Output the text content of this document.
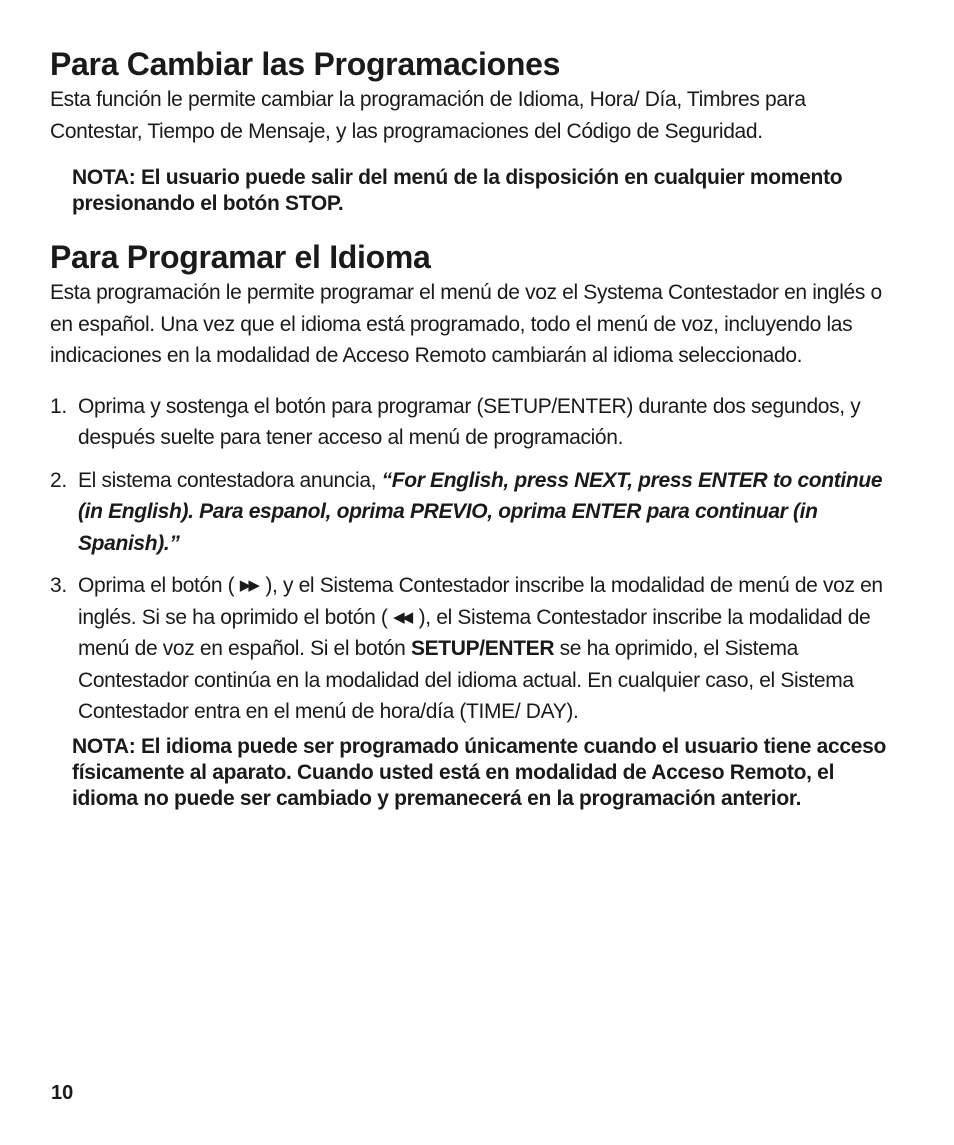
Para Cambiar las Programaciones

Esta función le permite cambiar la programación de Idioma, Hora/ Día, Timbres para Contestar, Tiempo de Mensaje, y las programaciones del Código de Seguridad.

NOTA: El usuario puede salir del menú de la disposición en cualquier momento presionando el botón STOP.

Para Programar el Idioma

Esta programación le permite programar el menú de voz el Systema Contestador en inglés o en español. Una vez que el idioma está programado, todo el menú de voz, incluyendo las indicaciones en la modalidad de Acceso Remoto cambiarán al idioma seleccionado.

1. Oprima y sostenga el botón para programar (SETUP/ENTER) durante dos segundos, y después suelte para tener acceso al menú de programación.
2. El sistema contestadora anuncia, “For English, press NEXT, press ENTER to continue (in English). Para espanol, oprima PREVIO, oprima ENTER para continuar (in Spanish).”
3. Oprima el botón ( ▶▶ ), y el Sistema Contestador inscribe la modalidad de menú de voz en inglés. Si se ha oprimido el botón ( ◀◀ ), el Sistema Contestador inscribe la modalidad de menú de voz en español. Si el botón SETUP/ENTER se ha oprimido, el Sistema Contestador continúa en la modalidad del idioma actual. En cualquier caso, el Sistema Contestador entra en el menú de hora/día (TIME/ DAY).

NOTA: El idioma puede ser programado únicamente cuando el usuario tiene acceso físicamente al aparato. Cuando usted está en modalidad de Acceso Remoto, el idioma no puede ser cambiado y premanecerá en la programación anterior.

10
